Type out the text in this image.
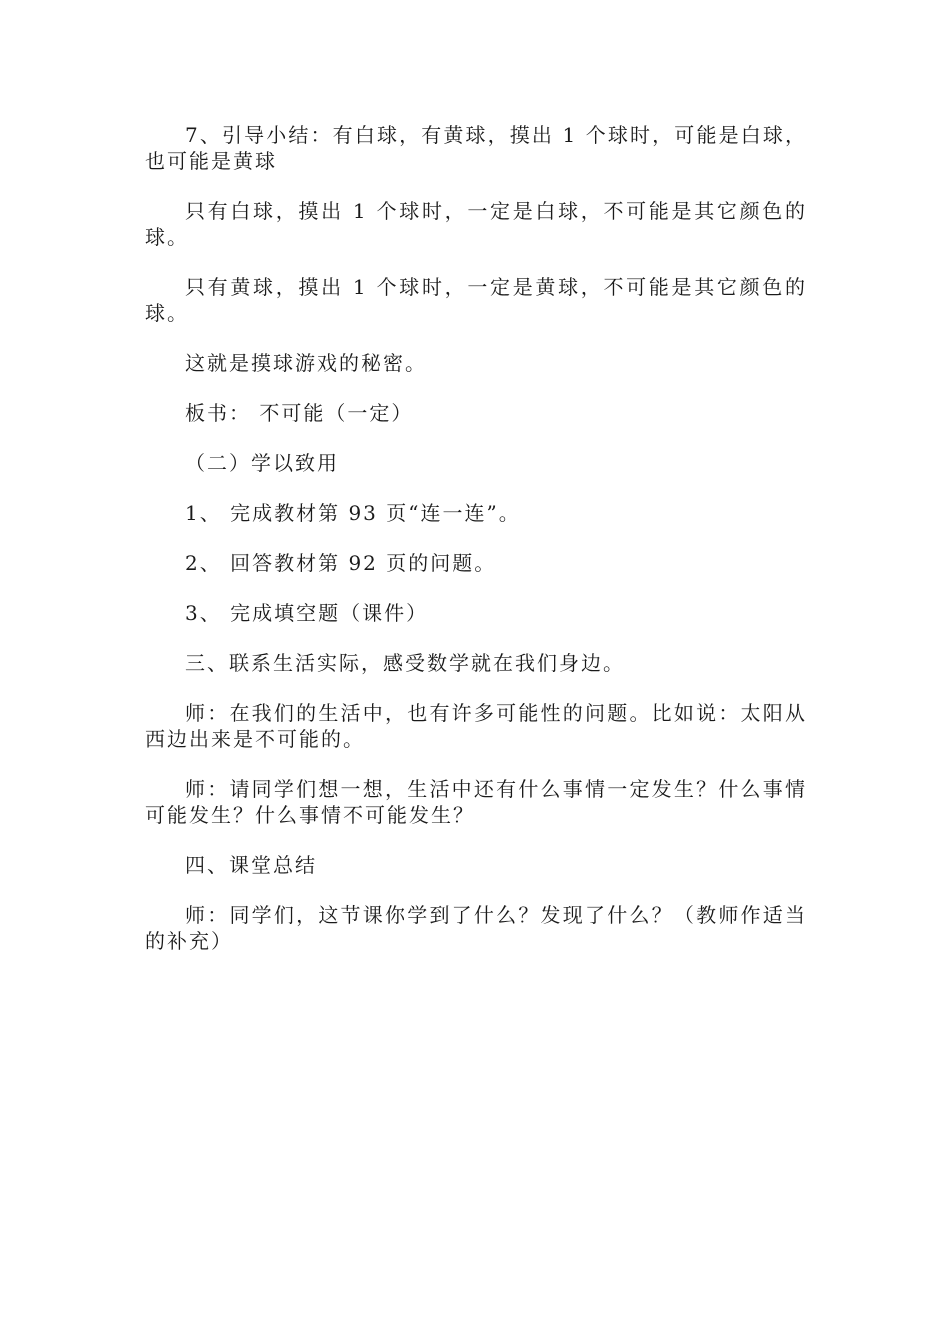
7、引导小结：有白球，有黄球，摸出 1 个球时，可能是白球，也可能是黄球

只有白球，摸出 1 个球时，一定是白球，不可能是其它颜色的球。

只有黄球，摸出 1 个球时，一定是黄球，不可能是其它颜色的球。

这就是摸球游戏的秘密。

板书： 不可能（一定）

（二）学以致用

1、 完成教材第 93 页“连一连”。

2、 回答教材第 92 页的问题。

3、 完成填空题（课件）

三、联系生活实际，感受数学就在我们身边。

师：在我们的生活中，也有许多可能性的问题。比如说：太阳从西边出来是不可能的。

师：请同学们想一想，生活中还有什么事情一定发生？什么事情可能发生？什么事情不可能发生？

四、课堂总结

师：同学们，这节课你学到了什么？发现了什么？（教师作适当的补充）
